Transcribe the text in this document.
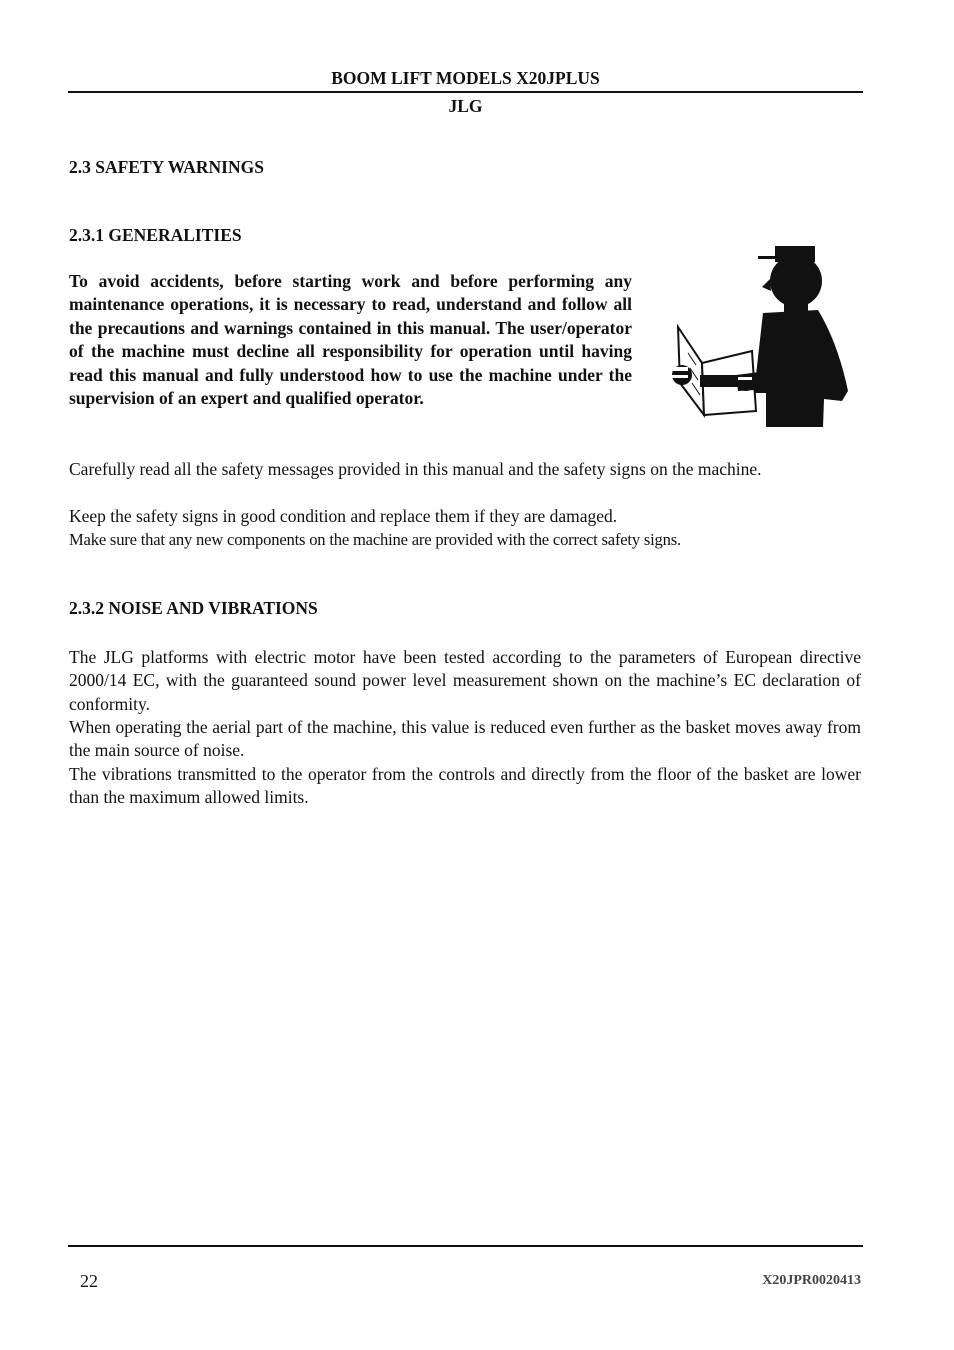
BOOM LIFT MODELS X20JPLUS
JLG
2.3 SAFETY WARNINGS
2.3.1 GENERALITIES

To avoid accidents, before starting work and before performing any maintenance operations, it is necessary to read, understand and follow all the precautions and warnings contained in this manual. The user/operator of the machine must decline all responsibility for operation until having read this manual and fully understood how to use the machine under the supervision of an expert and qualified operator.

Carefully read all the safety messages provided in this manual and the safety signs on the machine.

Keep the safety signs in good condition and replace them if they are damaged.

Make sure that any new components on the machine are provided with the correct safety signs.

2.3.2 NOISE AND VIBRATIONS

The JLG platforms with electric motor have been tested according to the parameters of European directive 2000/14 EC, with the guaranteed sound power level measurement shown on the machine’s EC declaration of conformity.

When operating the aerial part of the machine, this value is reduced even further as the basket moves away from the main source of noise.

The vibrations transmitted to the operator from the controls and directly from the floor of the basket are lower than the maximum allowed limits.

22	X20JPR0020413
